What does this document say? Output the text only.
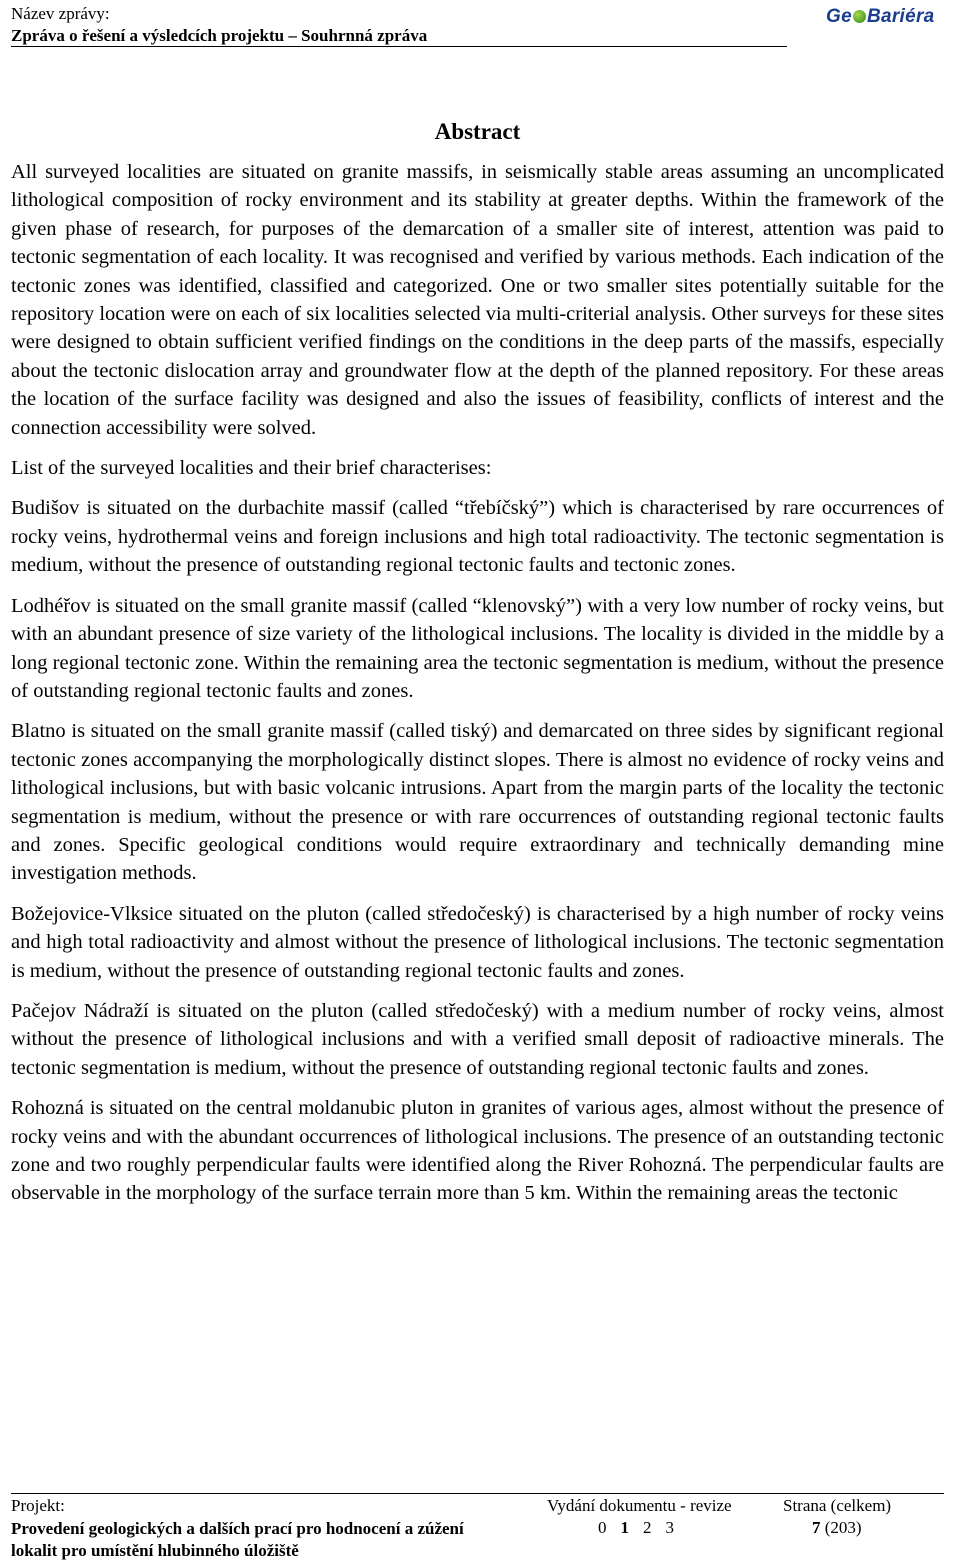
Název zprávy:
Zpráva o řešení a výsledcích projektu – Souhrnná zpráva
Ge Bariéra
Abstract

All surveyed localities are situated on granite massifs, in seismically stable areas assuming an uncomplicated lithological composition of rocky environment and its stability at greater depths. Within the framework of the given phase of research, for purposes of the demarcation of a smaller site of interest, attention was paid to tectonic segmentation of each locality. It was recognised and verified by various methods. Each indication of the tectonic zones was identified, classified and categorized. One or two smaller sites potentially suitable for the repository location were on each of six localities selected via multi-criterial analysis. Other surveys for these sites were designed to obtain sufficient verified findings on the conditions in the deep parts of the massifs, especially about the tectonic dislocation array and groundwater flow at the depth of the planned repository. For these areas the location of the surface facility was designed and also the issues of feasibility, conflicts of interest and the connection accessibility were solved.

List of the surveyed localities and their brief characterises:

Budišov is situated on the durbachite massif (called “třebíčský”) which is characterised by rare occurrences of rocky veins, hydrothermal veins and foreign inclusions and high total radioactivity. The tectonic segmentation is medium, without the presence of outstanding regional tectonic faults and tectonic zones.

Lodhéřov is situated on the small granite massif (called “klenovský”) with a very low number of rocky veins, but with an abundant presence of size variety of the lithological inclusions. The locality is divided in the middle by a long regional tectonic zone. Within the remaining area the tectonic segmentation is medium, without the presence of outstanding regional tectonic faults and zones.

Blatno is situated on the small granite massif (called tiský) and demarcated on three sides by significant regional tectonic zones accompanying the morphologically distinct slopes. There is almost no evidence of rocky veins and lithological inclusions, but with basic volcanic intrusions. Apart from the margin parts of the locality the tectonic segmentation is medium, without the presence or with rare occurrences of outstanding regional tectonic faults and zones. Specific geological conditions would require extraordinary and technically demanding mine investigation methods.

Božejovice-Vlksice situated on the pluton (called středočeský) is characterised by a high number of rocky veins and high total radioactivity and almost without the presence of lithological inclusions. The tectonic segmentation is medium, without the presence of outstanding regional tectonic faults and zones.

Pačejov Nádraží is situated on the pluton (called středočeský) with a medium number of rocky veins, almost without the presence of lithological inclusions and with a verified small deposit of radioactive minerals. The tectonic segmentation is medium, without the presence of outstanding regional tectonic faults and zones.

Rohozná is situated on the central moldanubic pluton in granites of various ages, almost without the presence of rocky veins and with the abundant occurrences of lithological inclusions. The presence of an outstanding tectonic zone and two roughly perpendicular faults were identified along the River Rohozná. The perpendicular faults are observable in the morphology of the surface terrain more than 5 km. Within the remaining areas the tectonic

Projekt:
Provedení geologických a dalších prací pro hodnocení a zúžení lokalit pro umístění hlubinného úložiště
Vydání dokumentu - revize
0 1 2 3
Strana (celkem)
7 (203)
